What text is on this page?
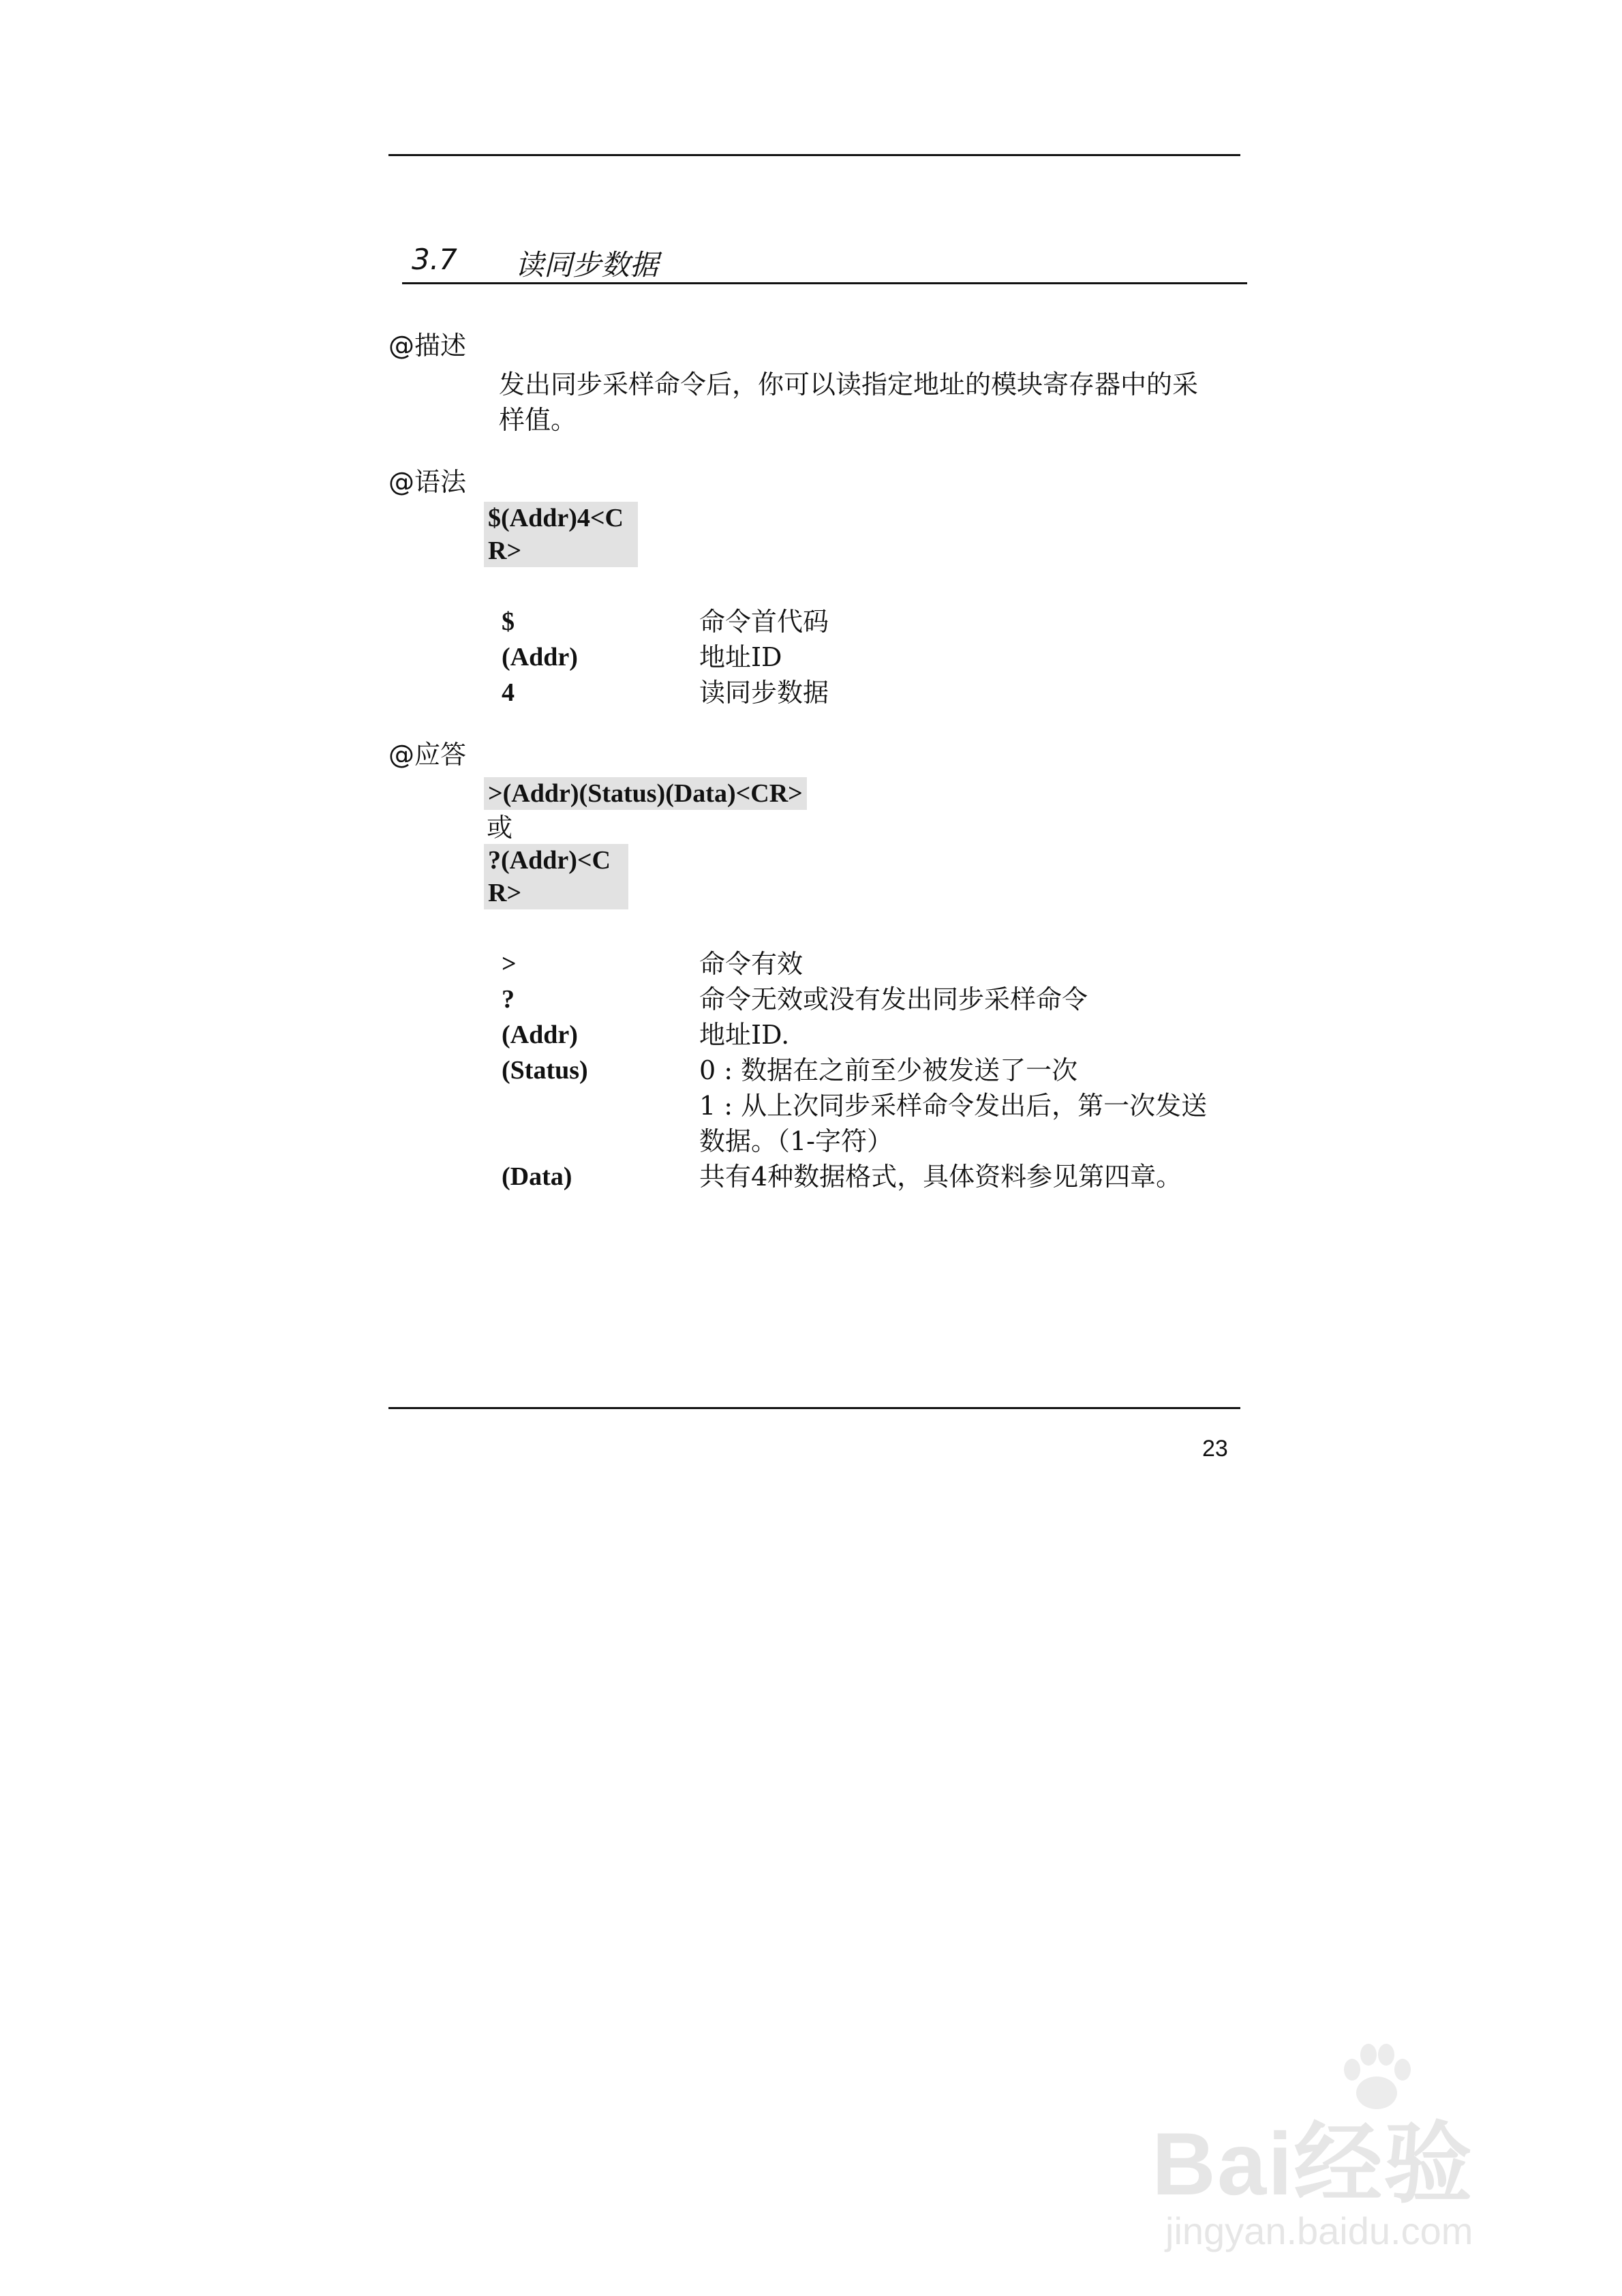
3.7 读同步数据
@描述
发出同步采样命令后，你可以读指定地址的模块寄存器中的采
样值。
@语法
$(Addr)4<C
R>
$	命令首代码
(Addr)	地址ID
4	读同步数据
@应答
>(Addr)(Status)(Data)<CR>
或
?(Addr)<C
R>
>	命令有效
?	命令无效或没有发出同步采样命令
(Addr)	地址ID.
(Status)	0 : 数据在之前至少被发送了一次
1 : 从上次同步采样命令发出后，第一次发送
数据。（1-字符）
(Data)	共有4种数据格式，具体资料参见第四章。
23
Bai经验
jingyan.baidu.com
